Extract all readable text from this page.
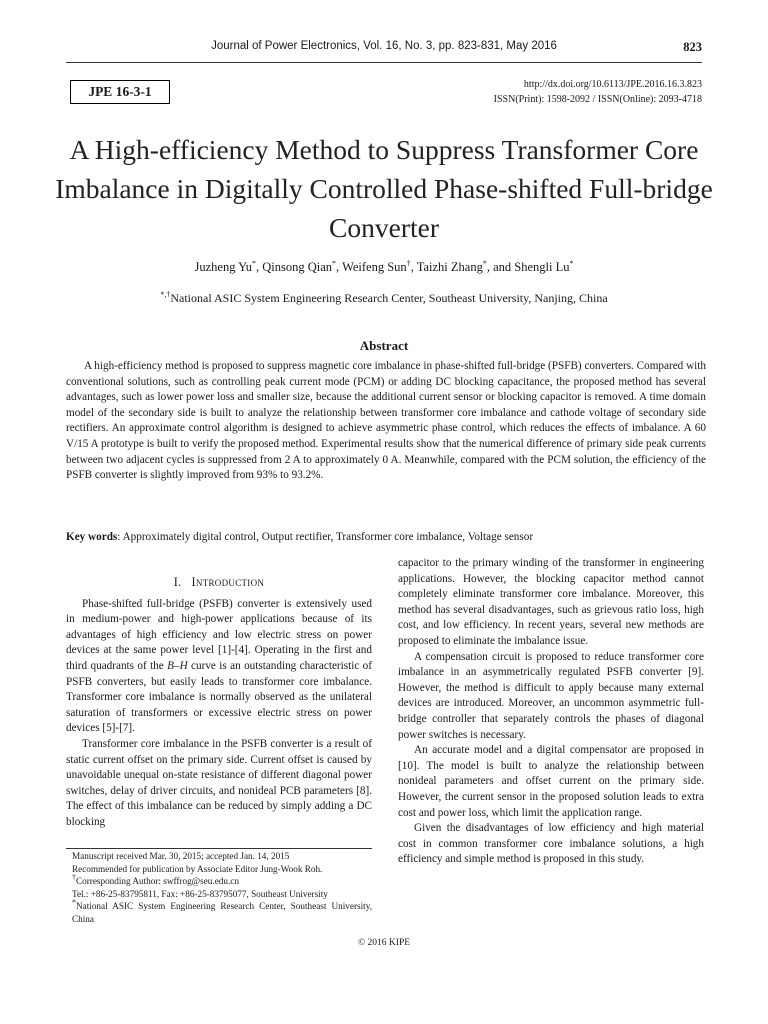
Journal of Power Electronics, Vol. 16, No. 3, pp. 823-831, May 2016	823
JPE 16-3-1	http://dx.doi.org/10.6113/JPE.2016.16.3.823
ISSN(Print): 1598-2092 / ISSN(Online): 2093-4718
A High-efficiency Method to Suppress Transformer Core Imbalance in Digitally Controlled Phase-shifted Full-bridge Converter
Juzheng Yu*, Qinsong Qian*, Weifeng Sun†, Taizhi Zhang*, and Shengli Lu*
*,†National ASIC System Engineering Research Center, Southeast University, Nanjing, China
Abstract
A high-efficiency method is proposed to suppress magnetic core imbalance in phase-shifted full-bridge (PSFB) converters. Compared with conventional solutions, such as controlling peak current mode (PCM) or adding DC blocking capacitance, the proposed method has several advantages, such as lower power loss and smaller size, because the additional current sensor or blocking capacitor is removed. A time domain model of the secondary side is built to analyze the relationship between transformer core imbalance and cathode voltage of secondary side rectifiers. An approximate control algorithm is designed to achieve asymmetric phase control, which reduces the effects of imbalance. A 60 V/15 A prototype is built to verify the proposed method. Experimental results show that the numerical difference of primary side peak currents between two adjacent cycles is suppressed from 2 A to approximately 0 A. Meanwhile, compared with the PCM solution, the efficiency of the PSFB converter is slightly improved from 93% to 93.2%.
Key words: Approximately digital control, Output rectifier, Transformer core imbalance, Voltage sensor
I. Introduction

Phase-shifted full-bridge (PSFB) converter is extensively used in medium-power and high-power applications because of its advantages of high efficiency and low electric stress on power devices at the same power level [1]-[4]. Operating in the first and third quadrants of the B–H curve is an outstanding characteristic of PSFB converters, but easily leads to transformer core imbalance. Transformer core imbalance is normally observed as the unilateral saturation of transformers or excessive electric stress on power devices [5]-[7].

Transformer core imbalance in the PSFB converter is a result of static current offset on the primary side. Current offset is caused by unavoidable unequal on-state resistance of different diagonal power switches, delay of driver circuits, and nonideal PCB parameters [8]. The effect of this imbalance can be reduced by simply adding a DC blocking

capacitor to the primary winding of the transformer in engineering applications. However, the blocking capacitor method cannot completely eliminate transformer core imbalance. Moreover, this method has several disadvantages, such as grievous ratio loss, high cost, and low efficiency. In recent years, several new methods are proposed to eliminate the imbalance issue.

A compensation circuit is proposed to reduce transformer core imbalance in an asymmetrically regulated PSFB converter [9]. However, the method is difficult to apply because many external devices are introduced. Moreover, an uncommon asymmetric full-bridge controller that separately controls the phases of diagonal power switches is necessary.

An accurate model and a digital compensator are proposed in [10]. The model is built to analyze the relationship between nonideal parameters and offset current on the primary side. However, the current sensor in the proposed solution leads to extra cost and power loss, which limit the application range.

Given the disadvantages of low efficiency and high material cost in common transformer core imbalance solutions, a high efficiency and simple method is proposed in this study.

Manuscript received Mar. 30, 2015; accepted Jan. 14, 2015
Recommended for publication by Associate Editor Jung-Wook Roh.
†Corresponding Author: swffrog@seu.edu.cn
Tel.: +86-25-83795811, Fax: +86-25-83795077, Southeast University
*National ASIC System Engineering Research Center, Southeast University, China
© 2016 KIPE
